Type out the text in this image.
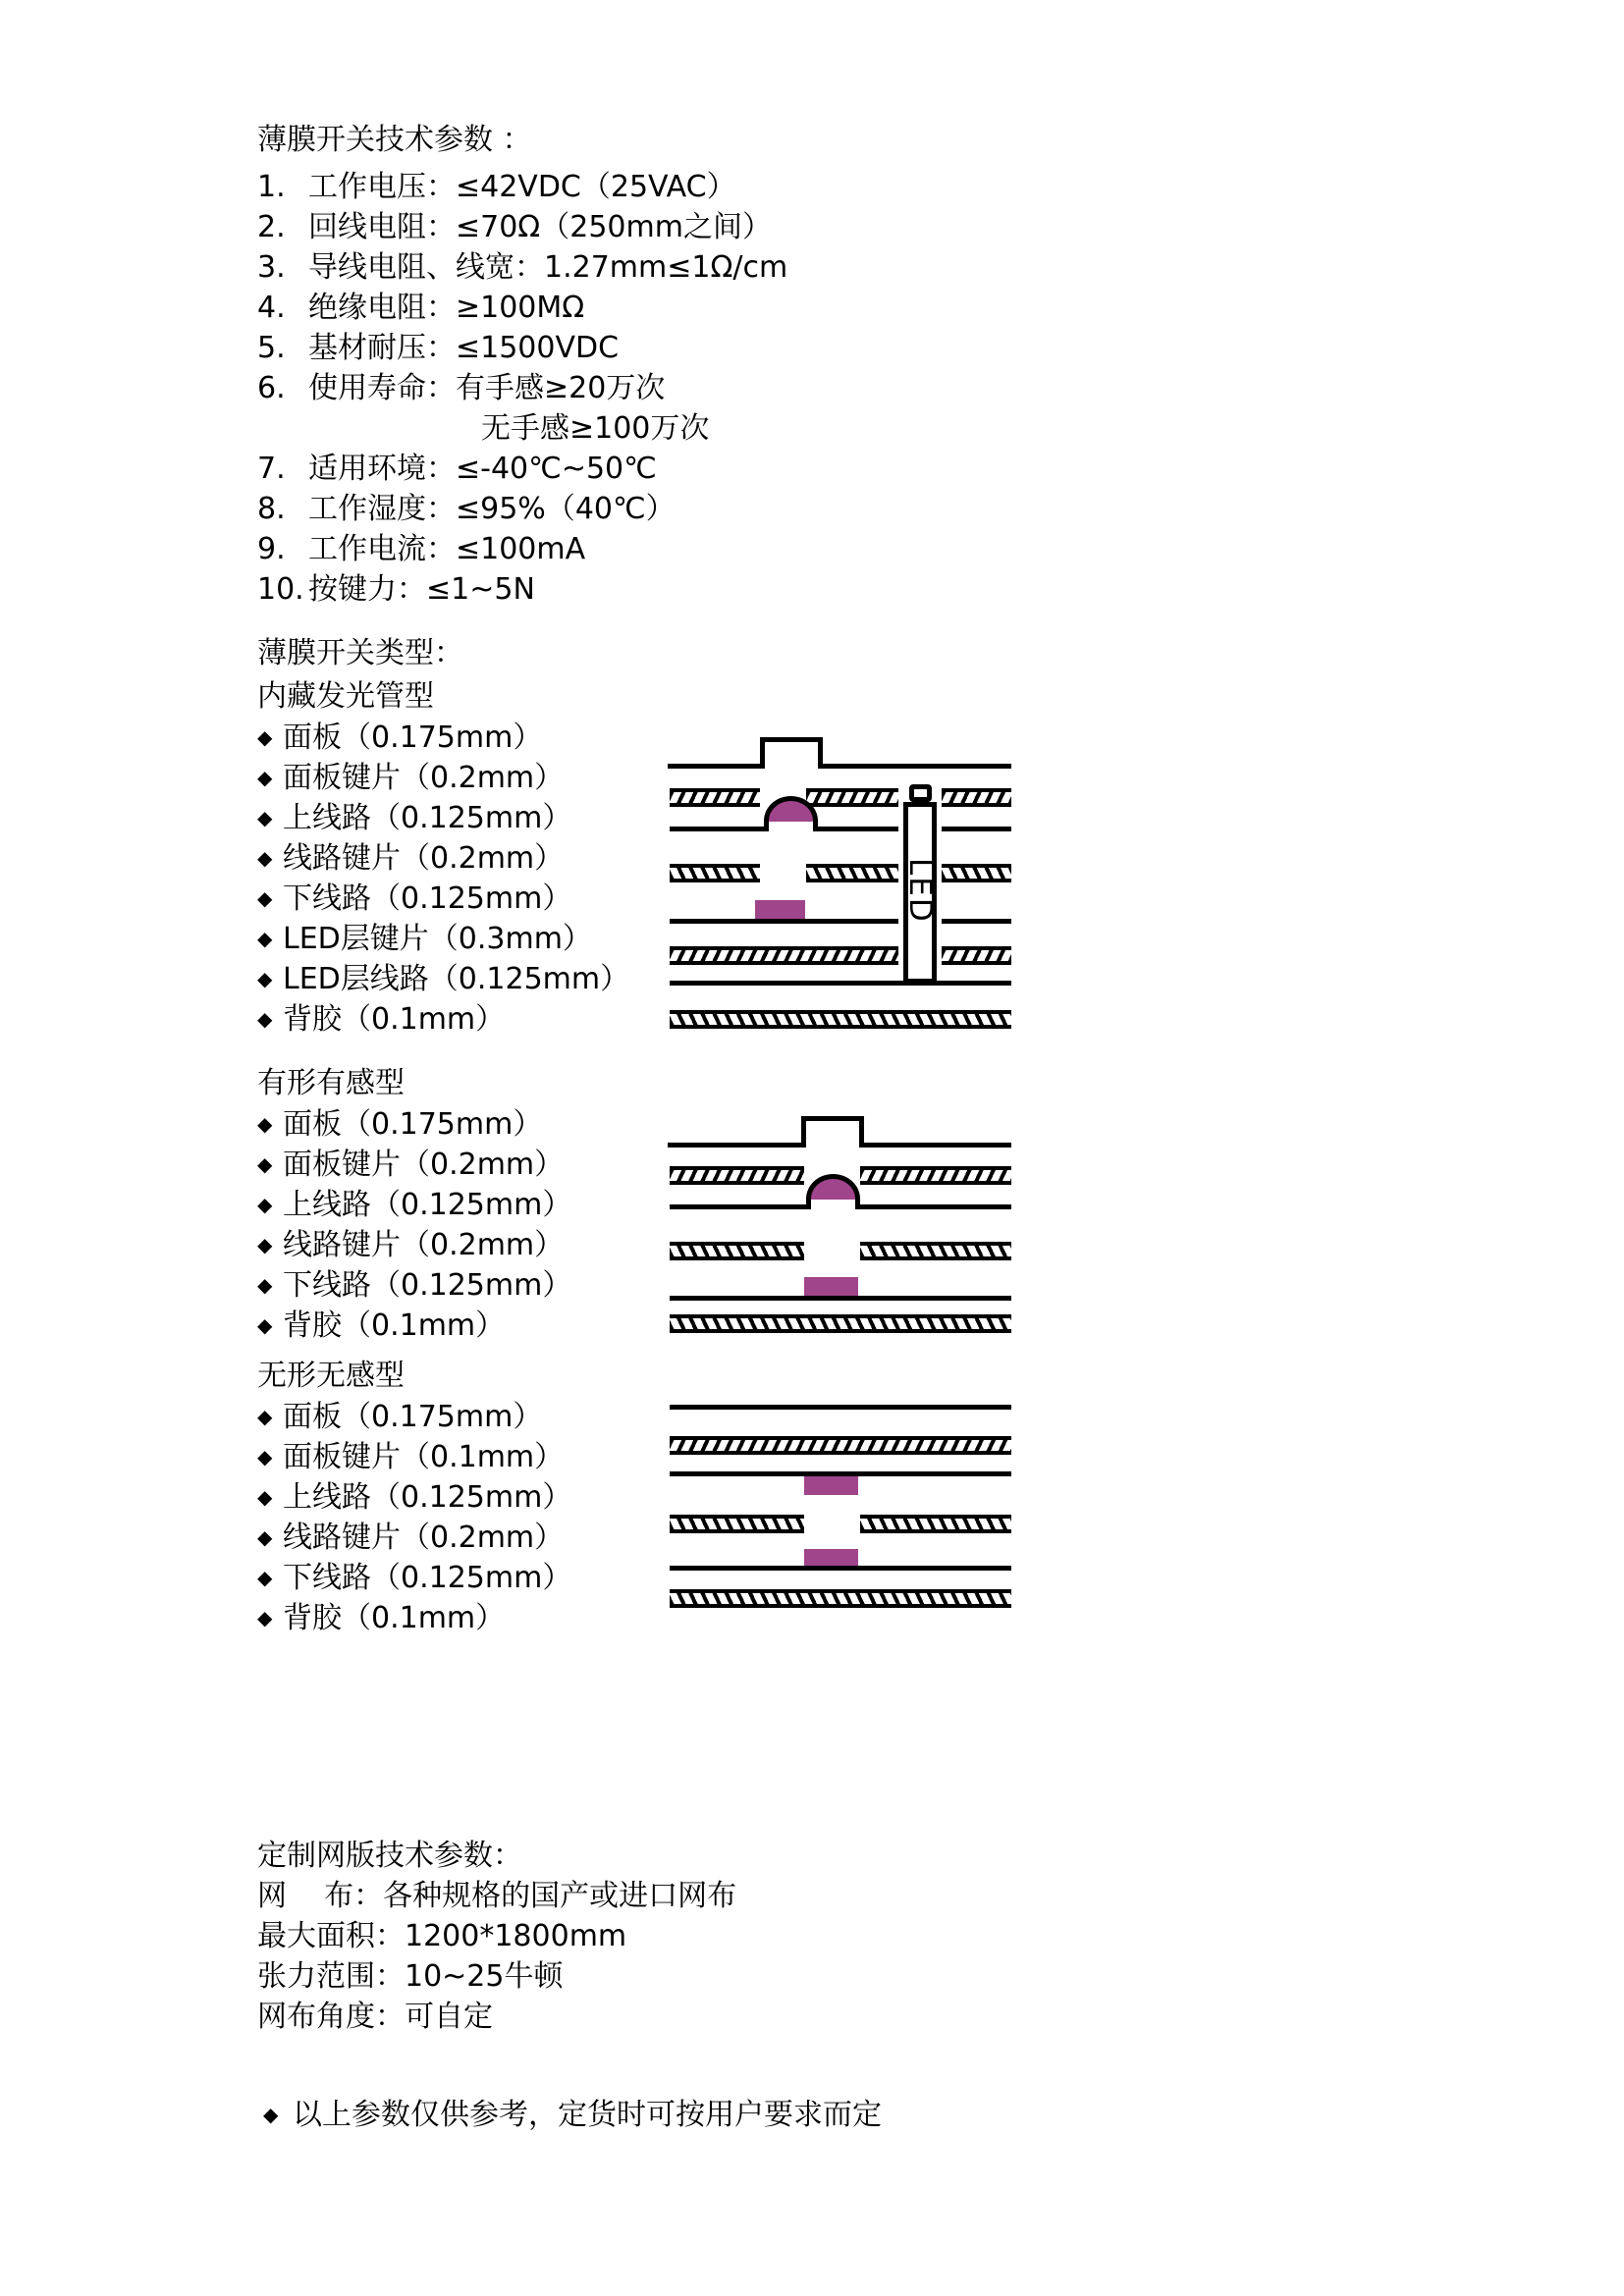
薄膜开关技术参数 ：
1. 工作电压：≤42VDC（25VAC）
2. 回线电阻：≤70Ω（250mm之间）
3. 导线电阻、线宽：1.27mm≤1Ω/cm
4. 绝缘电阻：≥100MΩ
5. 基材耐压：≤1500VDC
6. 使用寿命：有手感≥20万次
无手感≥100万次
7. 适用环境：≤-40℃~50℃
8. 工作湿度：≤95%（40℃）
9. 工作电流：≤100mA
10. 按键力：≤1~5N
薄膜开关类型：
内藏发光管型
◆ 面板（0.175mm）
◆ 面板键片（0.2mm）
◆ 上线路（0.125mm）
◆ 线路键片（0.2mm）
◆ 下线路（0.125mm）
◆ LED层键片（0.3mm）
◆ LED层线路（0.125mm）
◆ 背胶（0.1mm）
LED
有形有感型
◆ 面板（0.175mm）
◆ 面板键片（0.2mm）
◆ 上线路（0.125mm）
◆ 线路键片（0.2mm）
◆ 下线路（0.125mm）
◆ 背胶（0.1mm）
无形无感型
◆ 面板（0.175mm）
◆ 面板键片（0.1mm）
◆ 上线路（0.125mm）
◆ 线路键片（0.2mm）
◆ 下线路（0.125mm）
◆ 背胶（0.1mm）
定制网版技术参数：
网    布：各种规格的国产或进口网布
最大面积：1200*1800mm
张力范围：10~25牛顿
网布角度：可自定
◆ 以上参数仅供参考，定货时可按用户要求而定
